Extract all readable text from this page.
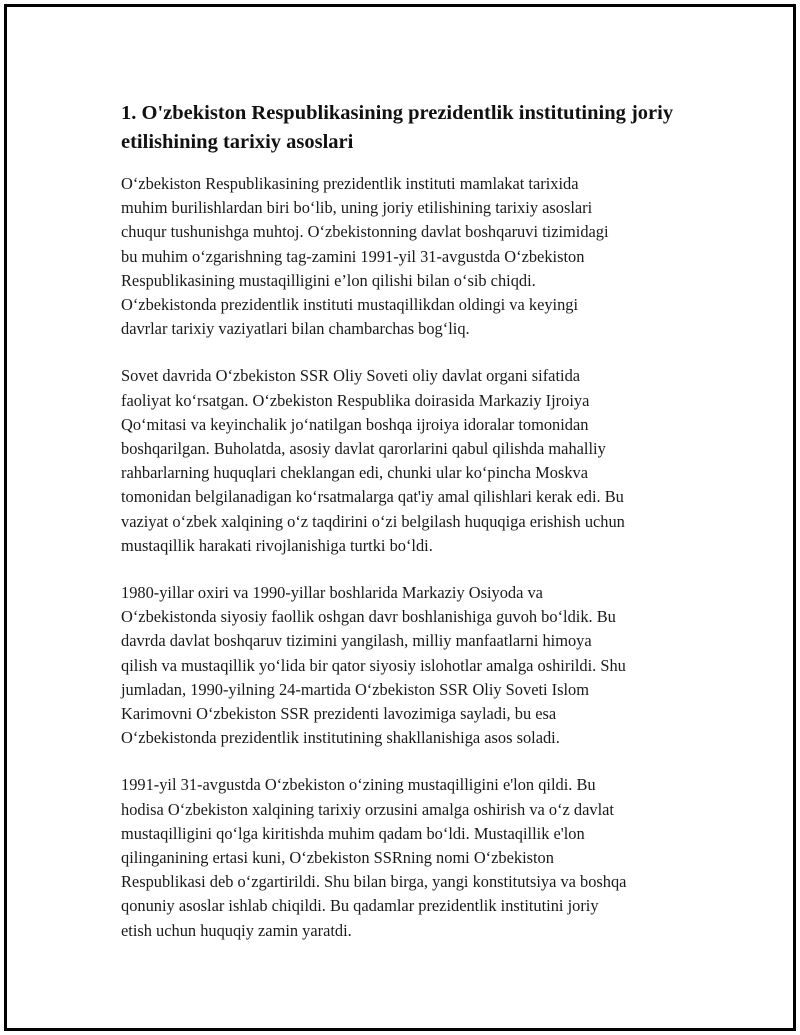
1. O'zbekiston Respublikasining prezidentlik institutining joriy
etilishining tarixiy asoslari

O‘zbekiston Respublikasining prezidentlik instituti mamlakat tarixida
muhim burilishlardan biri bo‘lib, uning joriy etilishining tarixiy asoslari
chuqur tushunishga muhtoj. O‘zbekistonning davlat boshqaruvi tizimidagi
bu muhim o‘zgarishning tag-zamini 1991-yil 31-avgustda O‘zbekiston
Respublikasining mustaqilligini e’lon qilishi bilan o‘sib chiqdi.
O‘zbekistonda prezidentlik instituti mustaqillikdan oldingi va keyingi
davrlar tarixiy vaziyatlari bilan chambarchas bog‘liq.

Sovet davrida O‘zbekiston SSR Oliy Soveti oliy davlat organi sifatida
faoliyat ko‘rsatgan. O‘zbekiston Respublika doirasida Markaziy Ijroiya
Qo‘mitasi va keyinchalik jo‘natilgan boshqa ijroiya idoralar tomonidan
boshqarilgan. Buholatda, asosiy davlat qarorlarini qabul qilishda mahalliy
rahbarlarning huquqlari cheklangan edi, chunki ular ko‘pincha Moskva
tomonidan belgilanadigan ko‘rsatmalarga qat'iy amal qilishlari kerak edi. Bu
vaziyat o‘zbek xalqining o‘z taqdirini o‘zi belgilash huquqiga erishish uchun
mustaqillik harakati rivojlanishiga turtki bo‘ldi.

1980-yillar oxiri va 1990-yillar boshlarida Markaziy Osiyoda va
O‘zbekistonda siyosiy faollik oshgan davr boshlanishiga guvoh bo‘ldik. Bu
davrda davlat boshqaruv tizimini yangilash, milliy manfaatlarni himoya
qilish va mustaqillik yo‘lida bir qator siyosiy islohotlar amalga oshirildi. Shu
jumladan, 1990-yilning 24-martida O‘zbekiston SSR Oliy Soveti Islom
Karimovni O‘zbekiston SSR prezidenti lavozimiga sayladi, bu esa
O‘zbekistonda prezidentlik institutining shakllanishiga asos soladi.

1991-yil 31-avgustda O‘zbekiston o‘zining mustaqilligini e'lon qildi. Bu
hodisa O‘zbekiston xalqining tarixiy orzusini amalga oshirish va o‘z davlat
mustaqilligini qo‘lga kiritishda muhim qadam bo‘ldi. Mustaqillik e'lon
qilinganining ertasi kuni, O‘zbekiston SSRning nomi O‘zbekiston
Respublikasi deb o‘zgartirildi. Shu bilan birga, yangi konstitutsiya va boshqa
qonuniy asoslar ishlab chiqildi. Bu qadamlar prezidentlik institutini joriy
etish uchun huquqiy zamin yaratdi.
